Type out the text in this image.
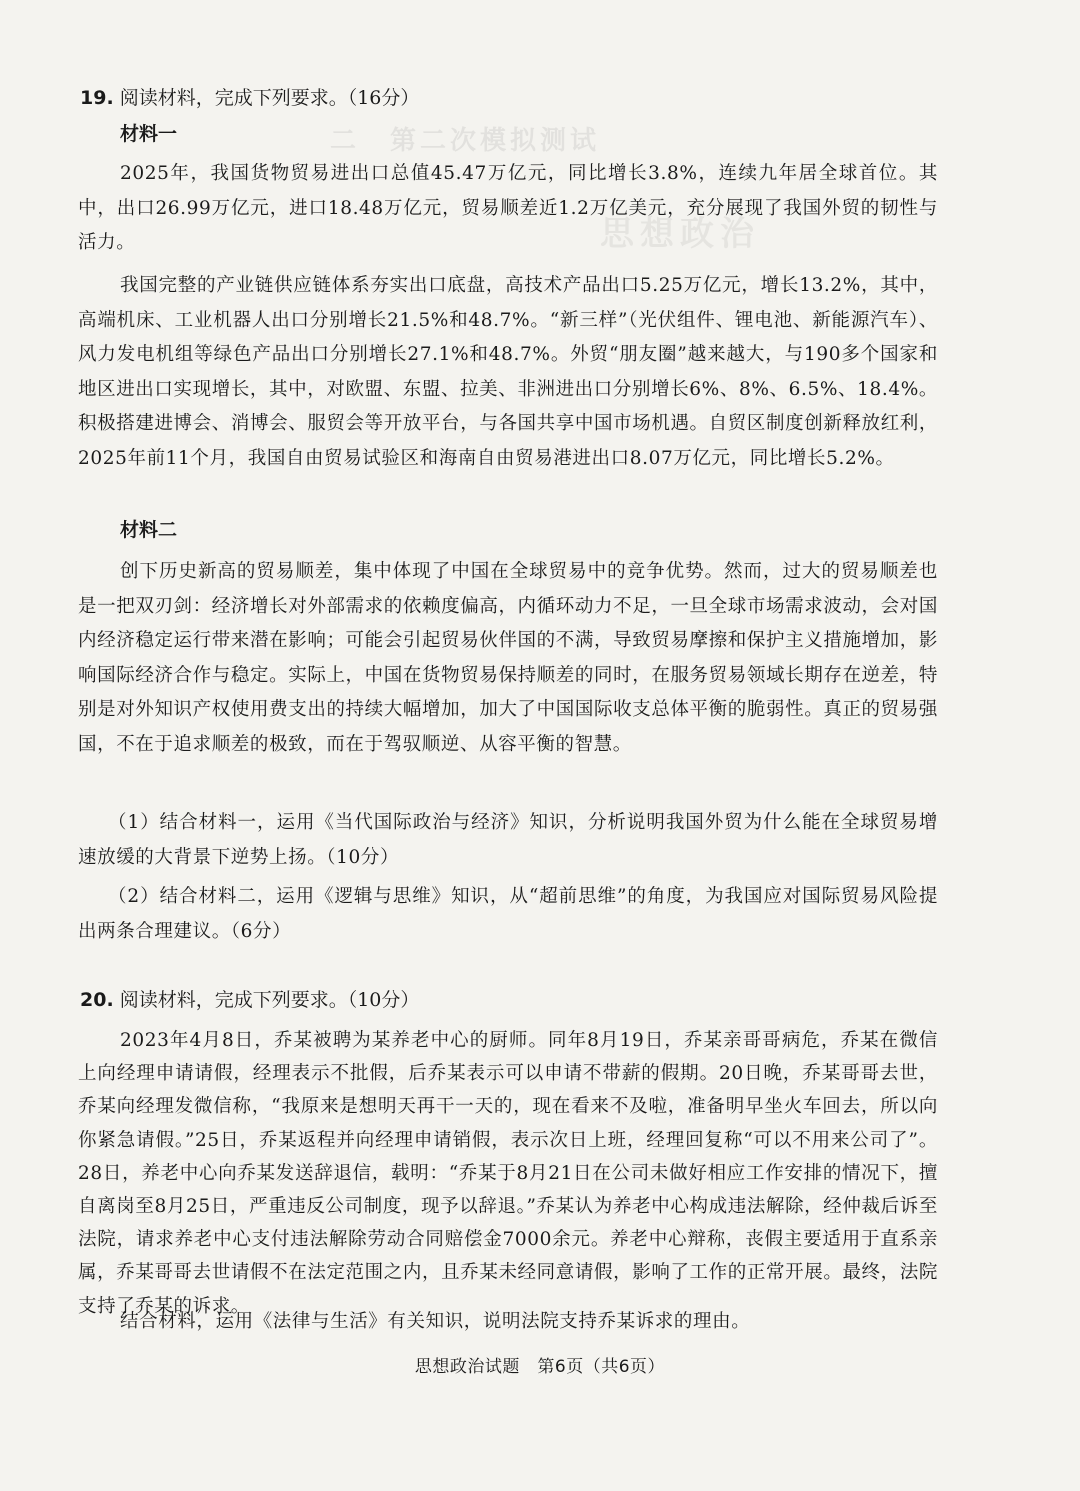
二　第二次模拟测试
思想政治
19. 阅读材料，完成下列要求。（16分）
材料一

2025年，我国货物贸易进出口总值45.47万亿元，同比增长3.8%，连续九年居全球首位。其中，出口26.99万亿元，进口18.48万亿元，贸易顺差近1.2万亿美元，充分展现了我国外贸的韧性与活力。

我国完整的产业链供应链体系夯实出口底盘，高技术产品出口5.25万亿元，增长13.2%，其中，高端机床、工业机器人出口分别增长21.5%和48.7%。“新三样”（光伏组件、锂电池、新能源汽车）、风力发电机组等绿色产品出口分别增长27.1%和48.7%。外贸“朋友圈”越来越大，与190多个国家和地区进出口实现增长，其中，对欧盟、东盟、拉美、非洲进出口分别增长6%、8%、6.5%、18.4%。积极搭建进博会、消博会、服贸会等开放平台，与各国共享中国市场机遇。自贸区制度创新释放红利，2025年前11个月，我国自由贸易试验区和海南自由贸易港进出口8.07万亿元，同比增长5.2%。

材料二

创下历史新高的贸易顺差，集中体现了中国在全球贸易中的竞争优势。然而，过大的贸易顺差也是一把双刃剑：经济增长对外部需求的依赖度偏高，内循环动力不足，一旦全球市场需求波动，会对国内经济稳定运行带来潜在影响；可能会引起贸易伙伴国的不满，导致贸易摩擦和保护主义措施增加，影响国际经济合作与稳定。实际上，中国在货物贸易保持顺差的同时，在服务贸易领域长期存在逆差，特别是对外知识产权使用费支出的持续大幅增加，加大了中国国际收支总体平衡的脆弱性。真正的贸易强国，不在于追求顺差的极致，而在于驾驭顺逆、从容平衡的智慧。

（1）结合材料一，运用《当代国际政治与经济》知识，分析说明我国外贸为什么能在全球贸易增速放缓的大背景下逆势上扬。（10分）

（2）结合材料二，运用《逻辑与思维》知识，从“超前思维”的角度，为我国应对国际贸易风险提出两条合理建议。（6分）

20. 阅读材料，完成下列要求。（10分）

2023年4月8日，乔某被聘为某养老中心的厨师。同年8月19日，乔某亲哥哥病危，乔某在微信上向经理申请请假，经理表示不批假，后乔某表示可以申请不带薪的假期。20日晚，乔某哥哥去世，乔某向经理发微信称，“我原来是想明天再干一天的，现在看来不及啦，准备明早坐火车回去，所以向你紧急请假。”25日，乔某返程并向经理申请销假，表示次日上班，经理回复称“可以不用来公司了”。28日，养老中心向乔某发送辞退信，载明：“乔某于8月21日在公司未做好相应工作安排的情况下，擅自离岗至8月25日，严重违反公司制度，现予以辞退。”乔某认为养老中心构成违法解除，经仲裁后诉至法院，请求养老中心支付违法解除劳动合同赔偿金7000余元。养老中心辩称，丧假主要适用于直系亲属，乔某哥哥去世请假不在法定范围之内，且乔某未经同意请假，影响了工作的正常开展。最终，法院支持了乔某的诉求。

结合材料，运用《法律与生活》有关知识，说明法院支持乔某诉求的理由。

思想政治试题　第6页（共6页）
